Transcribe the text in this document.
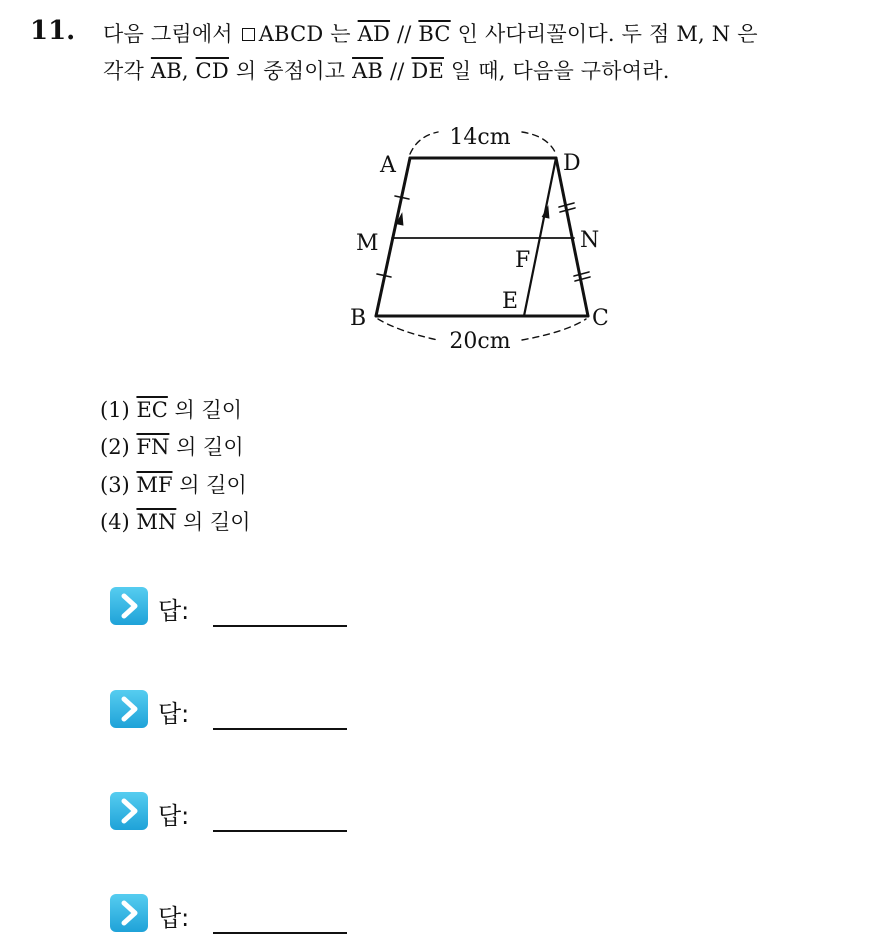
11. 다음 그림에서 ABCD 는 $\overline{AD} // \overline{BC}$ 인 사다리꼴이다. 두 점 M, N 은
각각 $\overline{AB}$, $\overline{CD}$ 의 중점이고 $\overline{AB} // \overline{DE}$ 일 때, 다음을 구하여라.
A	D
M	N
F
E
B	C
14cm
20cm
(1) $\overline{EC}$ 의 길이
(2) $\overline{FN}$ 의 길이
(3) $\overline{MF}$ 의 길이
(4) $\overline{MN}$ 의 길이
답:
답:
답:
답:
